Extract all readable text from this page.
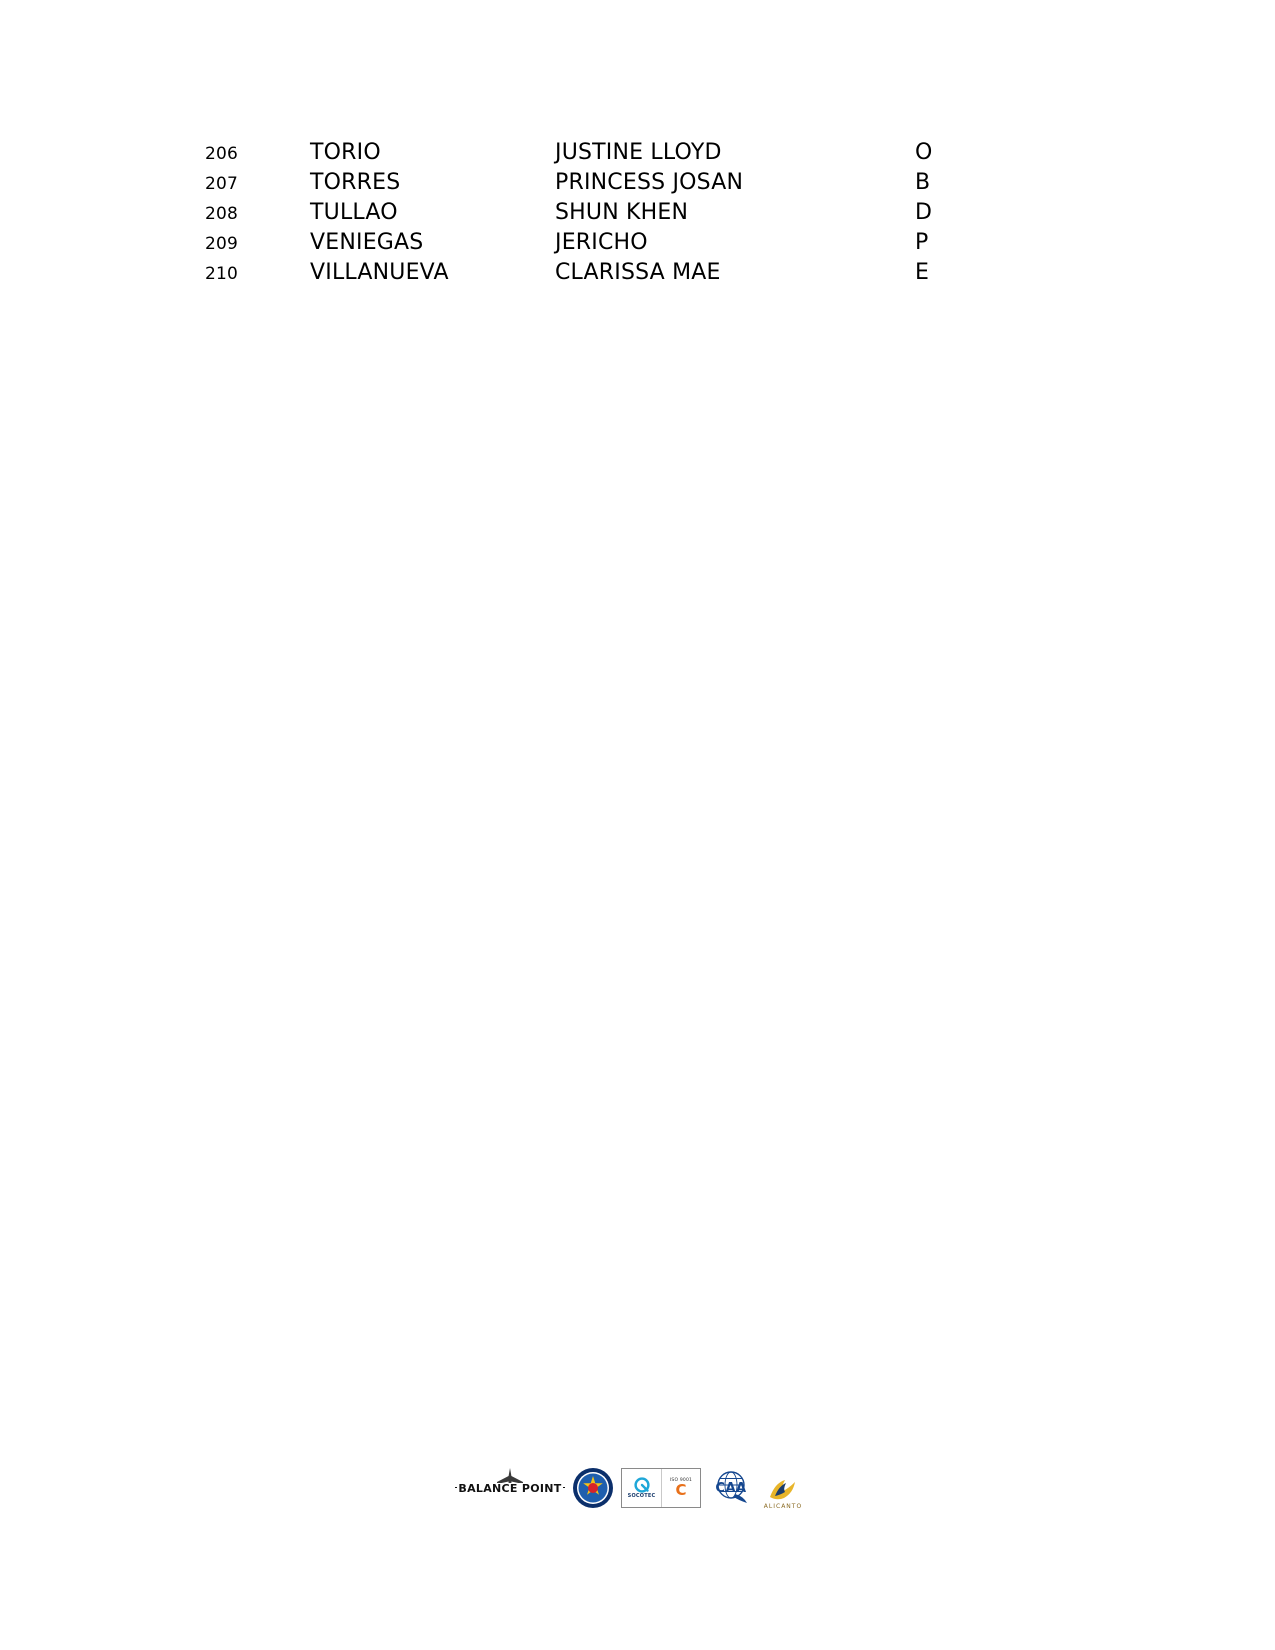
206	TORIO	JUSTINE LLOYD	O
207	TORRES	PRINCESS JOSAN	B
208	TULLAO	SHUN KHEN	D
209	VENIEGAS	JERICHO	P
210	VILLANUEVA	CLARISSA MAE	E
BALANCE POINT
SOCOTEC
ISO 9001
C CAA
ALICANTO
